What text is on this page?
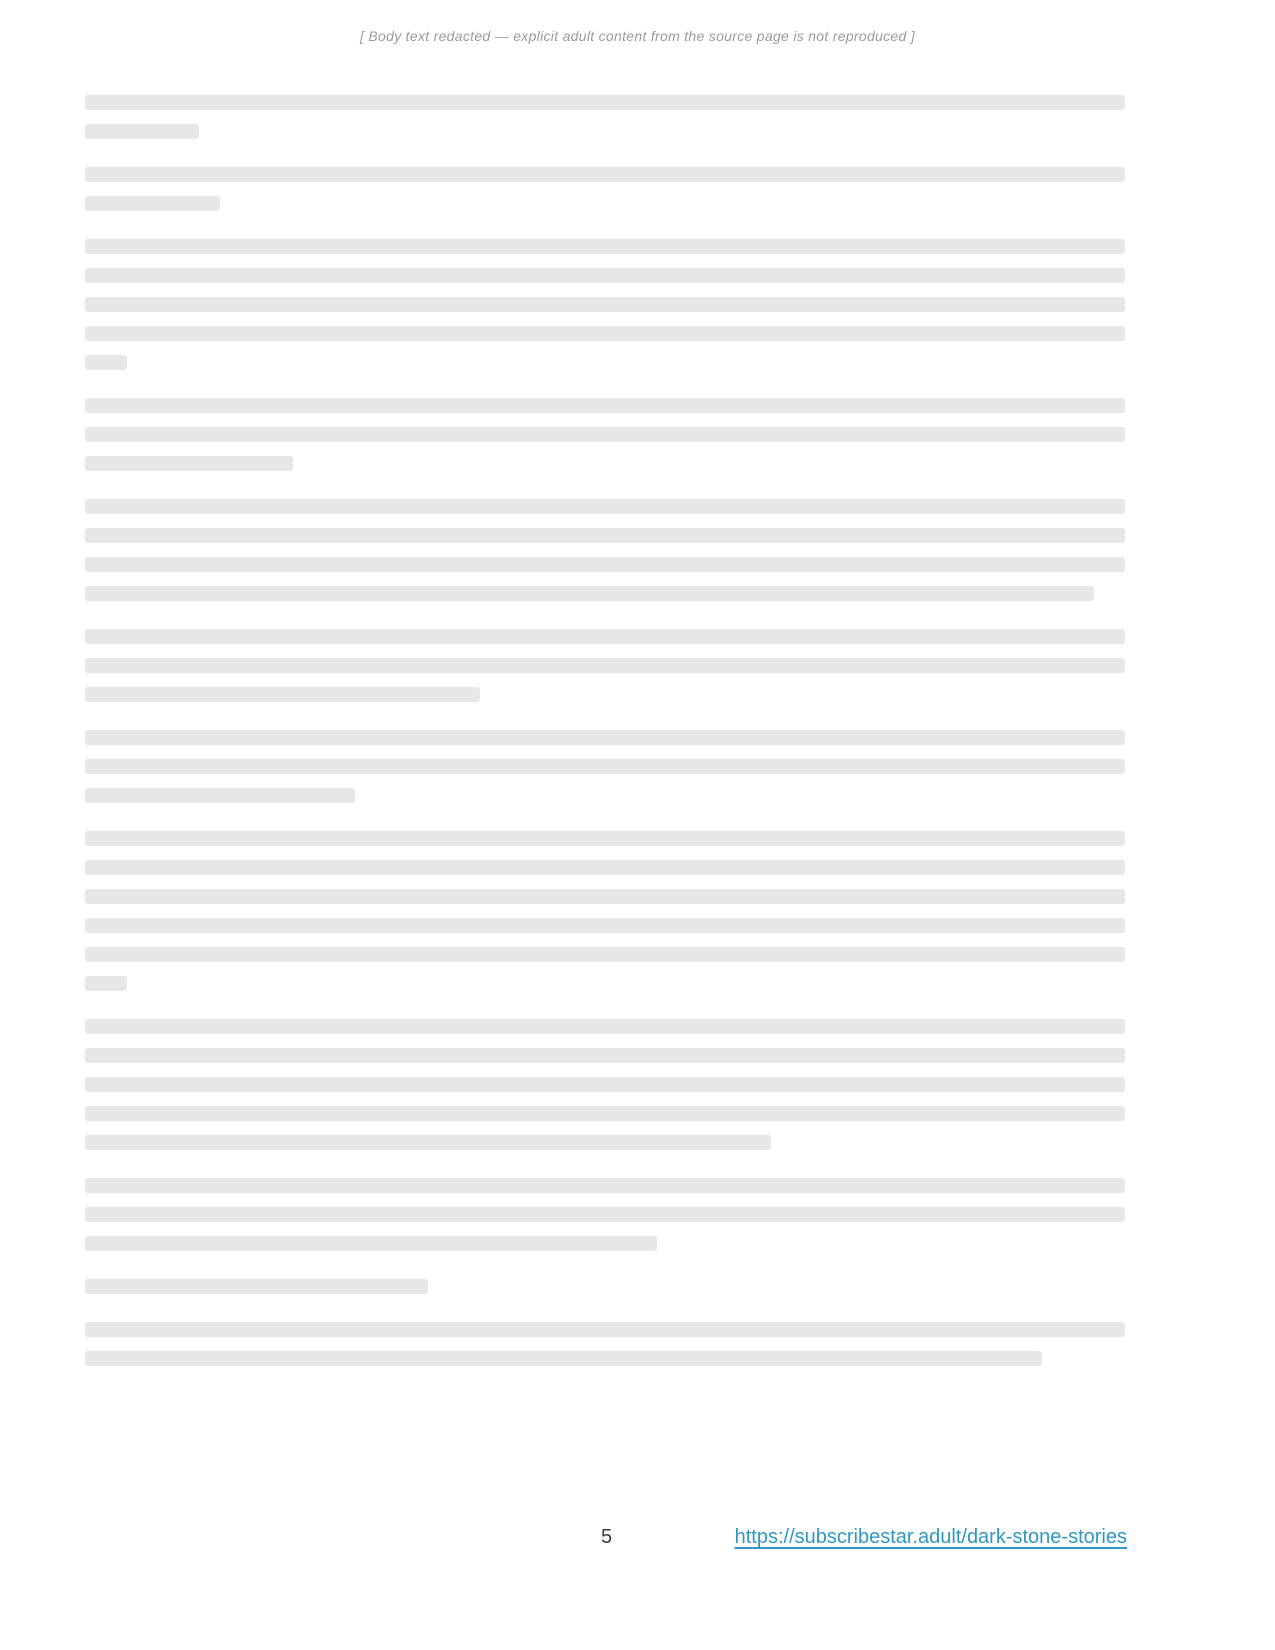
[ Body text redacted — explicit adult content from the source page is not reproduced ]
5	https://subscribestar.adult/dark-stone-stories
